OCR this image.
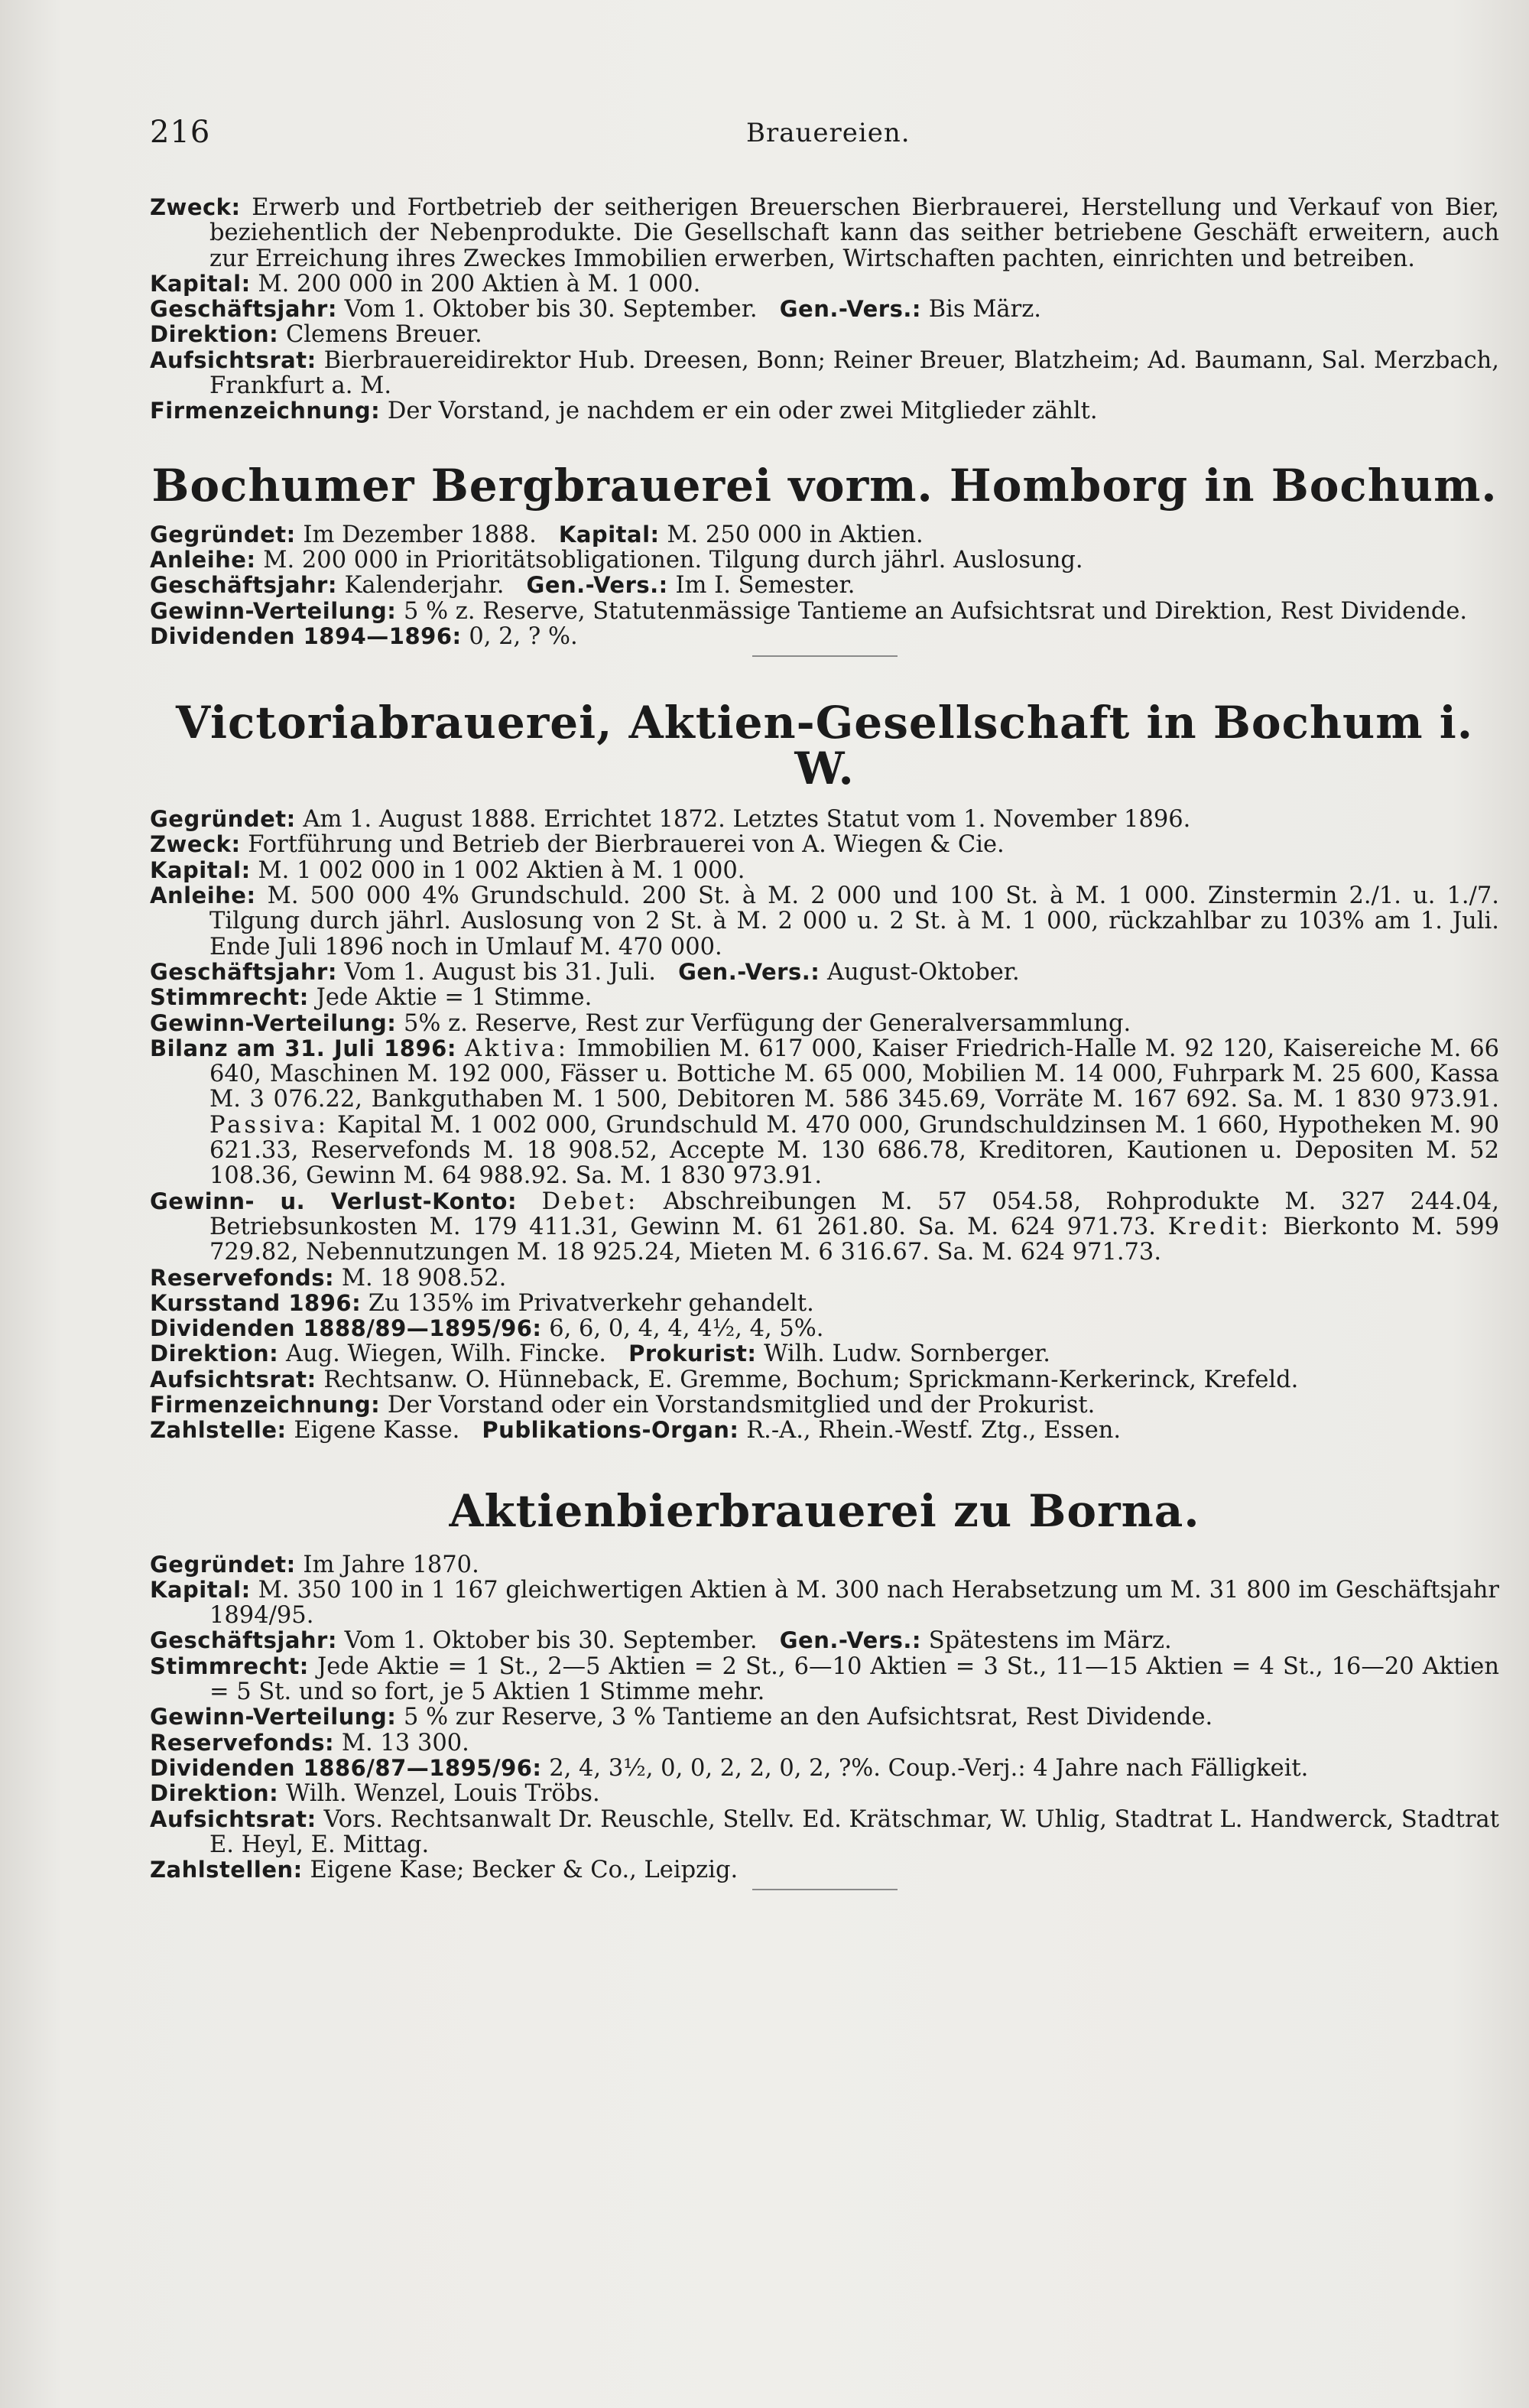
216	Brauereien.

Zweck: Erwerb und Fortbetrieb der seitherigen Breuerschen Bierbrauerei, Herstellung und Verkauf von Bier, beziehentlich der Nebenprodukte. Die Gesellschaft kann das seither betriebene Geschäft erweitern, auch zur Erreichung ihres Zweckes Immobilien erwerben, Wirtschaften pachten, einrichten und betreiben.

Kapital: M. 200 000 in 200 Aktien à M. 1 000.

Geschäftsjahr: Vom 1. Oktober bis 30. September. Gen.-Vers.: Bis März.

Direktion: Clemens Breuer.

Aufsichtsrat: Bierbrauereidirektor Hub. Dreesen, Bonn; Reiner Breuer, Blatzheim; Ad. Baumann, Sal. Merzbach, Frankfurt a. M.

Firmenzeichnung: Der Vorstand, je nachdem er ein oder zwei Mitglieder zählt.

Bochumer Bergbrauerei vorm. Homborg in Bochum.

Gegründet: Im Dezember 1888. Kapital: M. 250 000 in Aktien.

Anleihe: M. 200 000 in Prioritätsobligationen. Tilgung durch jährl. Auslosung.

Geschäftsjahr: Kalenderjahr. Gen.-Vers.: Im I. Semester.

Gewinn-Verteilung: 5 % z. Reserve, Statutenmässige Tantieme an Aufsichtsrat und Direktion, Rest Dividende.

Dividenden 1894—1896: 0, 2, ? %.

Victoriabrauerei, Aktien-Gesellschaft in Bochum i. W.

Gegründet: Am 1. August 1888. Errichtet 1872. Letztes Statut vom 1. November 1896.

Zweck: Fortführung und Betrieb der Bierbrauerei von A. Wiegen & Cie.

Kapital: M. 1 002 000 in 1 002 Aktien à M. 1 000.

Anleihe: M. 500 000 4% Grundschuld. 200 St. à M. 2 000 und 100 St. à M. 1 000. Zinstermin 2./1. u. 1./7. Tilgung durch jährl. Auslosung von 2 St. à M. 2 000 u. 2 St. à M. 1 000, rückzahlbar zu 103% am 1. Juli. Ende Juli 1896 noch in Umlauf M. 470 000.

Geschäftsjahr: Vom 1. August bis 31. Juli. Gen.-Vers.: August-Oktober.

Stimmrecht: Jede Aktie = 1 Stimme.

Gewinn-Verteilung: 5% z. Reserve, Rest zur Verfügung der Generalversammlung.

Bilanz am 31. Juli 1896: Aktiva: Immobilien M. 617 000, Kaiser Friedrich-Halle M. 92 120, Kaisereiche M. 66 640, Maschinen M. 192 000, Fässer u. Bottiche M. 65 000, Mobilien M. 14 000, Fuhrpark M. 25 600, Kassa M. 3 076.22, Bankguthaben M. 1 500, Debitoren M. 586 345.69, Vorräte M. 167 692. Sa. M. 1 830 973.91. Passiva: Kapital M. 1 002 000, Grundschuld M. 470 000, Grundschuldzinsen M. 1 660, Hypotheken M. 90 621.33, Reservefonds M. 18 908.52, Accepte M. 130 686.78, Kreditoren, Kautionen u. Depositen M. 52 108.36, Gewinn M. 64 988.92. Sa. M. 1 830 973.91.

Gewinn- u. Verlust-Konto: Debet: Abschreibungen M. 57 054.58, Rohprodukte M. 327 244.04, Betriebsunkosten M. 179 411.31, Gewinn M. 61 261.80. Sa. M. 624 971.73. Kredit: Bierkonto M. 599 729.82, Nebennutzungen M. 18 925.24, Mieten M. 6 316.67. Sa. M. 624 971.73.

Reservefonds: M. 18 908.52.

Kursstand 1896: Zu 135% im Privatverkehr gehandelt.

Dividenden 1888/89—1895/96: 6, 6, 0, 4, 4, 4½, 4, 5%.

Direktion: Aug. Wiegen, Wilh. Fincke. Prokurist: Wilh. Ludw. Sornberger.

Aufsichtsrat: Rechtsanw. O. Hünneback, E. Gremme, Bochum; Sprickmann-Kerkerinck, Krefeld.

Firmenzeichnung: Der Vorstand oder ein Vorstandsmitglied und der Prokurist.

Zahlstelle: Eigene Kasse. Publikations-Organ: R.-A., Rhein.-Westf. Ztg., Essen.

Aktienbierbrauerei zu Borna.

Gegründet: Im Jahre 1870.

Kapital: M. 350 100 in 1 167 gleichwertigen Aktien à M. 300 nach Herabsetzung um M. 31 800 im Geschäftsjahr 1894/95.

Geschäftsjahr: Vom 1. Oktober bis 30. September. Gen.-Vers.: Spätestens im März.

Stimmrecht: Jede Aktie = 1 St., 2—5 Aktien = 2 St., 6—10 Aktien = 3 St., 11—15 Aktien = 4 St., 16—20 Aktien = 5 St. und so fort, je 5 Aktien 1 Stimme mehr.

Gewinn-Verteilung: 5 % zur Reserve, 3 % Tantieme an den Aufsichtsrat, Rest Dividende.

Reservefonds: M. 13 300.

Dividenden 1886/87—1895/96: 2, 4, 3½, 0, 0, 2, 2, 0, 2, ?%. Coup.-Verj.: 4 Jahre nach Fälligkeit.

Direktion: Wilh. Wenzel, Louis Tröbs.

Aufsichtsrat: Vors. Rechtsanwalt Dr. Reuschle, Stellv. Ed. Krätschmar, W. Uhlig, Stadtrat L. Handwerck, Stadtrat E. Heyl, E. Mittag.

Zahlstellen: Eigene Kase; Becker & Co., Leipzig.
